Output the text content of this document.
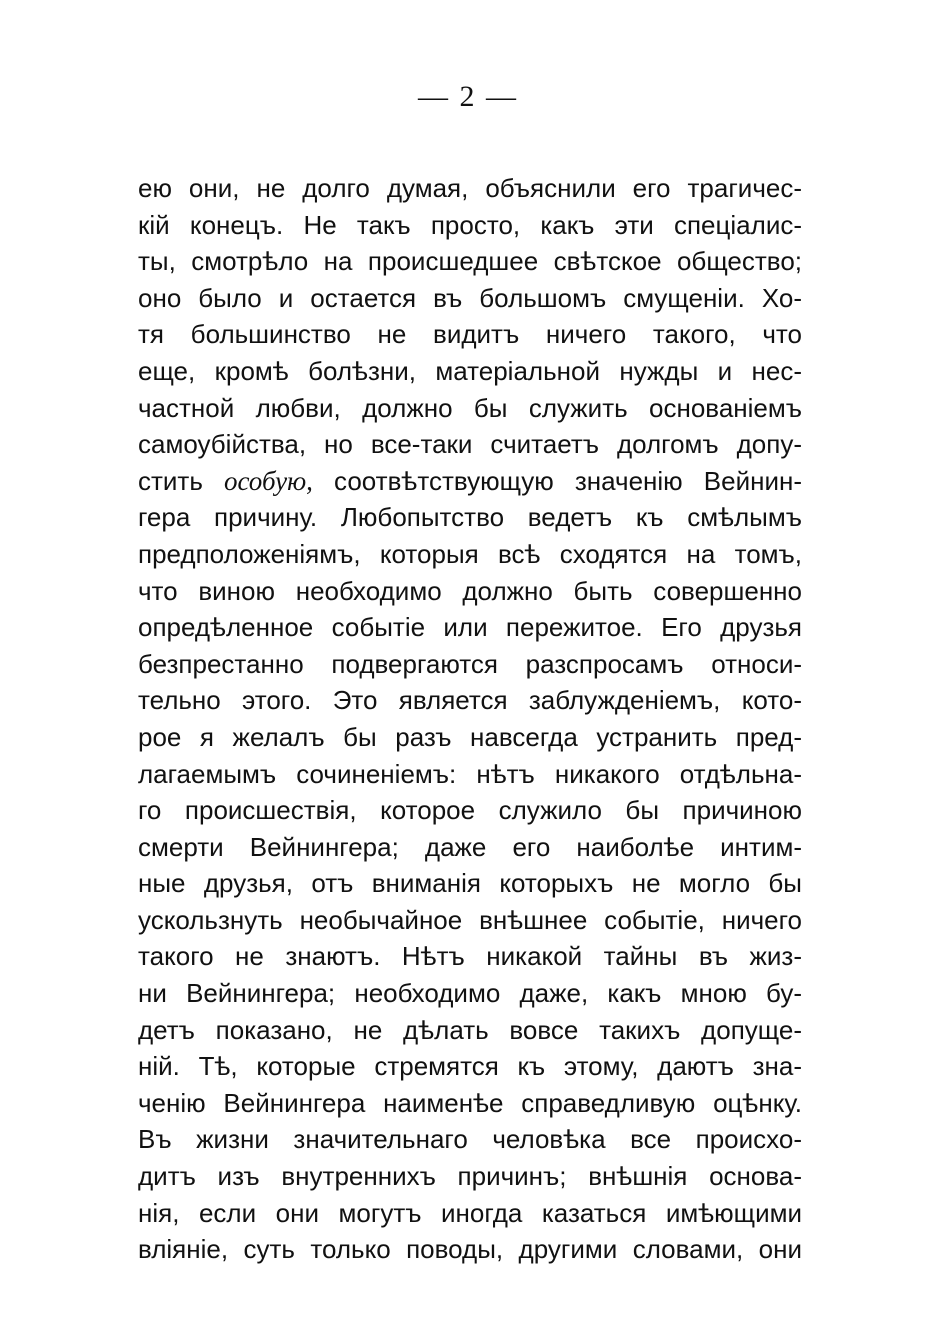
— 2 —
ею они, не долго думая, объяснили его трагичес-
кій конецъ. Не такъ просто, какъ эти спеціалис-
ты, смотрѣло на происшедшее свѣтское общество;
оно было и остается въ большомъ смущеніи. Хо-
тя большинство не видитъ ничего такого, что
еще, кромѣ болѣзни, матеріальной нужды и нес-
частной любви, должно бы служить основаніемъ
самоубійства, но все-таки считаетъ долгомъ допу-
стить особую, соотвѣтствующую значенію Вейнин-
гера причину. Любопытство ведетъ къ смѣлымъ
предположеніямъ, которыя всѣ сходятся на томъ,
что виною необходимо должно быть совершенно
опредѣленное событіе или пережитое. Его друзья
безпрестанно подвергаются разспросамъ относи-
тельно этого. Это является заблужденіемъ, кото-
рое я желалъ бы разъ навсегда устранить пред-
лагаемымъ сочиненіемъ: нѣтъ никакого отдѣльна-
го происшествія, которое служило бы причиною
смерти Вейнингера; даже его наиболѣе интим-
ные друзья, отъ вниманія которыхъ не могло бы
ускользнуть необычайное внѣшнее событіе, ничего
такого не знаютъ. Нѣтъ никакой тайны въ жиз-
ни Вейнингера; необходимо даже, какъ мною бу-
детъ показано, не дѣлать вовсе такихъ допуще-
ній. Тѣ, которые стремятся къ этому, даютъ зна-
ченію Вейнингера наименѣе справедливую оцѣнку.
Въ жизни значительнаго человѣка все происхо-
дитъ изъ внутреннихъ причинъ; внѣшнія основа-
нія, если они могутъ иногда казаться имѣющими
вліяніе, суть только поводы, другими словами, они
